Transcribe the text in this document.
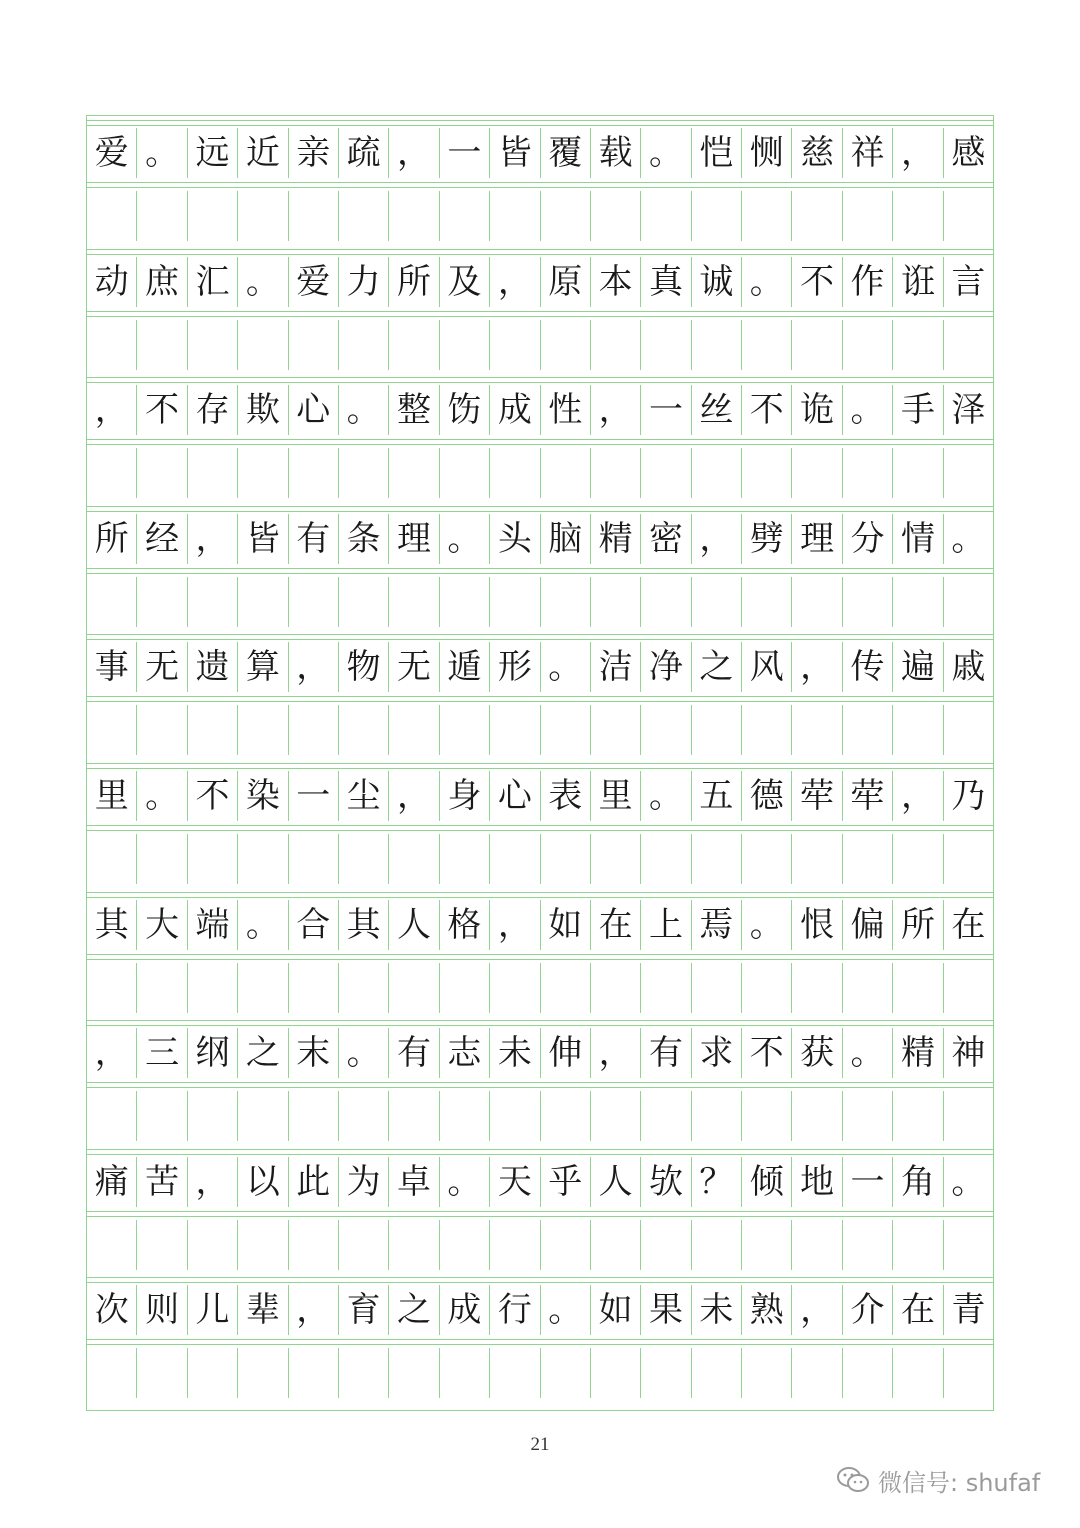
爱 。 远 近 亲 疏 ， 一 皆 覆 载 。 恺 恻 慈 祥 ， 感
动 庶 汇 。 爱 力 所 及 ， 原 本 真 诚 。 不 作 诳 言
， 不 存 欺 心 。 整 饬 成 性 ， 一 丝 不 诡 。 手 泽
所 经 ， 皆 有 条 理 。 头 脑 精 密 ， 劈 理 分 情 。
事 无 遗 算 ， 物 无 遁 形 。 洁 净 之 风 ， 传 遍 戚
里 。 不 染 一 尘 ， 身 心 表 里 。 五 德 荦 荦 ， 乃
其 大 端 。 合 其 人 格 ， 如 在 上 焉 。 恨 偏 所 在
， 三 纲 之 末 。 有 志 未 伸 ， 有 求 不 获 。 精 神
痛 苦 ， 以 此 为 卓 。 天 乎 人 欤 ？ 倾 地 一 角 。
次 则 儿 辈 ， 育 之 成 行 。 如 果 未 熟 ， 介 在 青
21
微信号: shufaf
